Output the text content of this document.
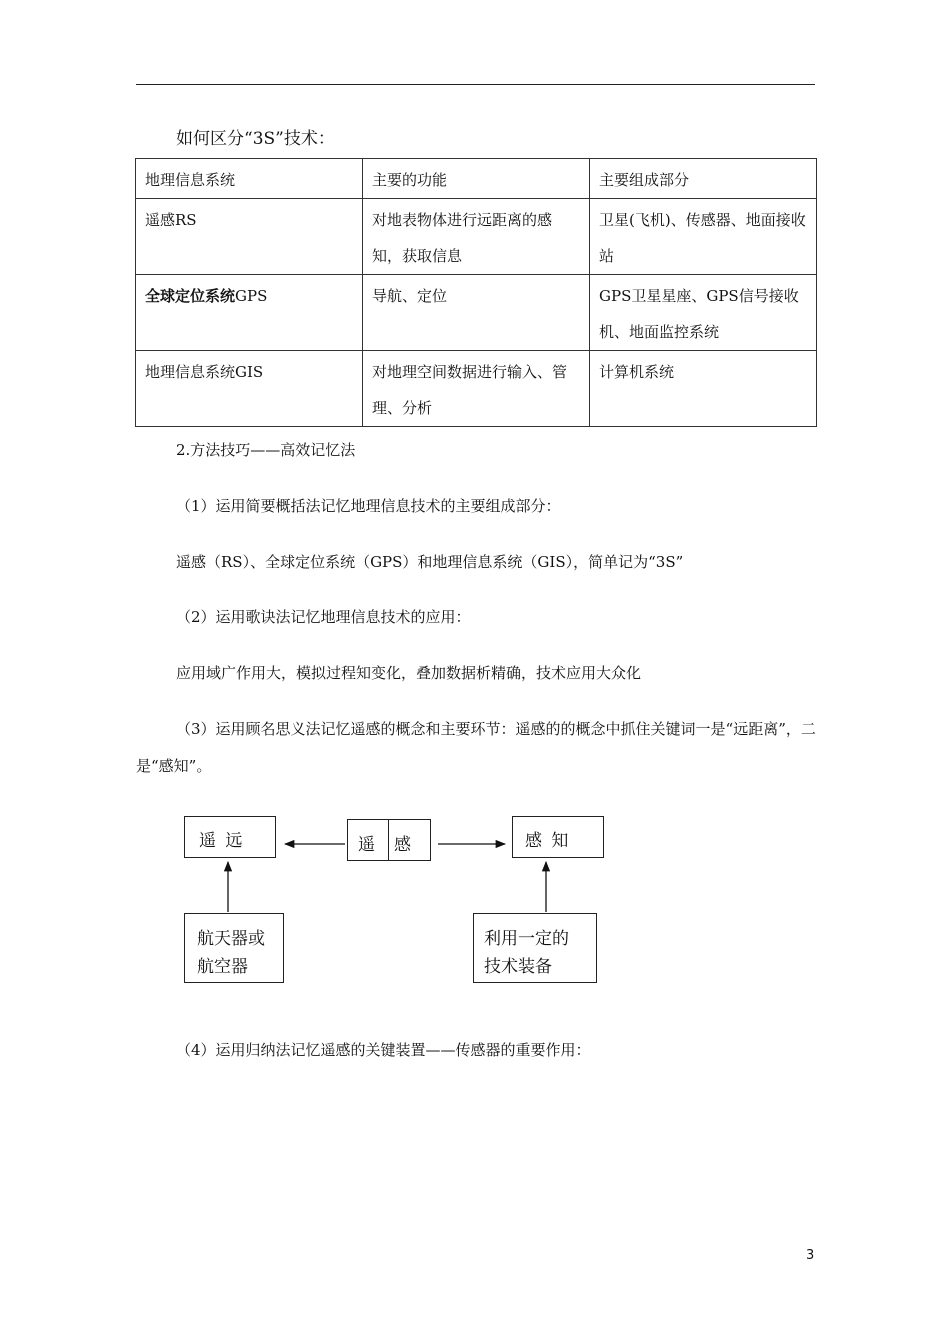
如何区分“3S”技术：
地理信息系统	主要的功能	主要组成部分
遥感RS	对地表物体进行远距离的感知，获取信息	卫星(飞机)、传感器、地面接收站
全球定位系统GPS	导航、定位	GPS卫星星座、GPS信号接收机、地面监控系统
地理信息系统GIS	对地理空间数据进行输入、管理、分析	计算机系统
2.方法技巧——高效记忆法
（1）运用简要概括法记忆地理信息技术的主要组成部分：
遥感（RS）、全球定位系统（GPS）和地理信息系统（GIS），简单记为“3S”
（2）运用歌诀法记忆地理信息技术的应用：
应用域广作用大，模拟过程知变化，叠加数据析精确，技术应用大众化
（3）运用顾名思义法记忆遥感的概念和主要环节：遥感的的概念中抓住关键词一是“远距离”，二是“感知”。
遥 远	遥 感	感 知
航天器或
航空器
利用一定的
技术装备
（4）运用归纳法记忆遥感的关键装置——传感器的重要作用：
3
